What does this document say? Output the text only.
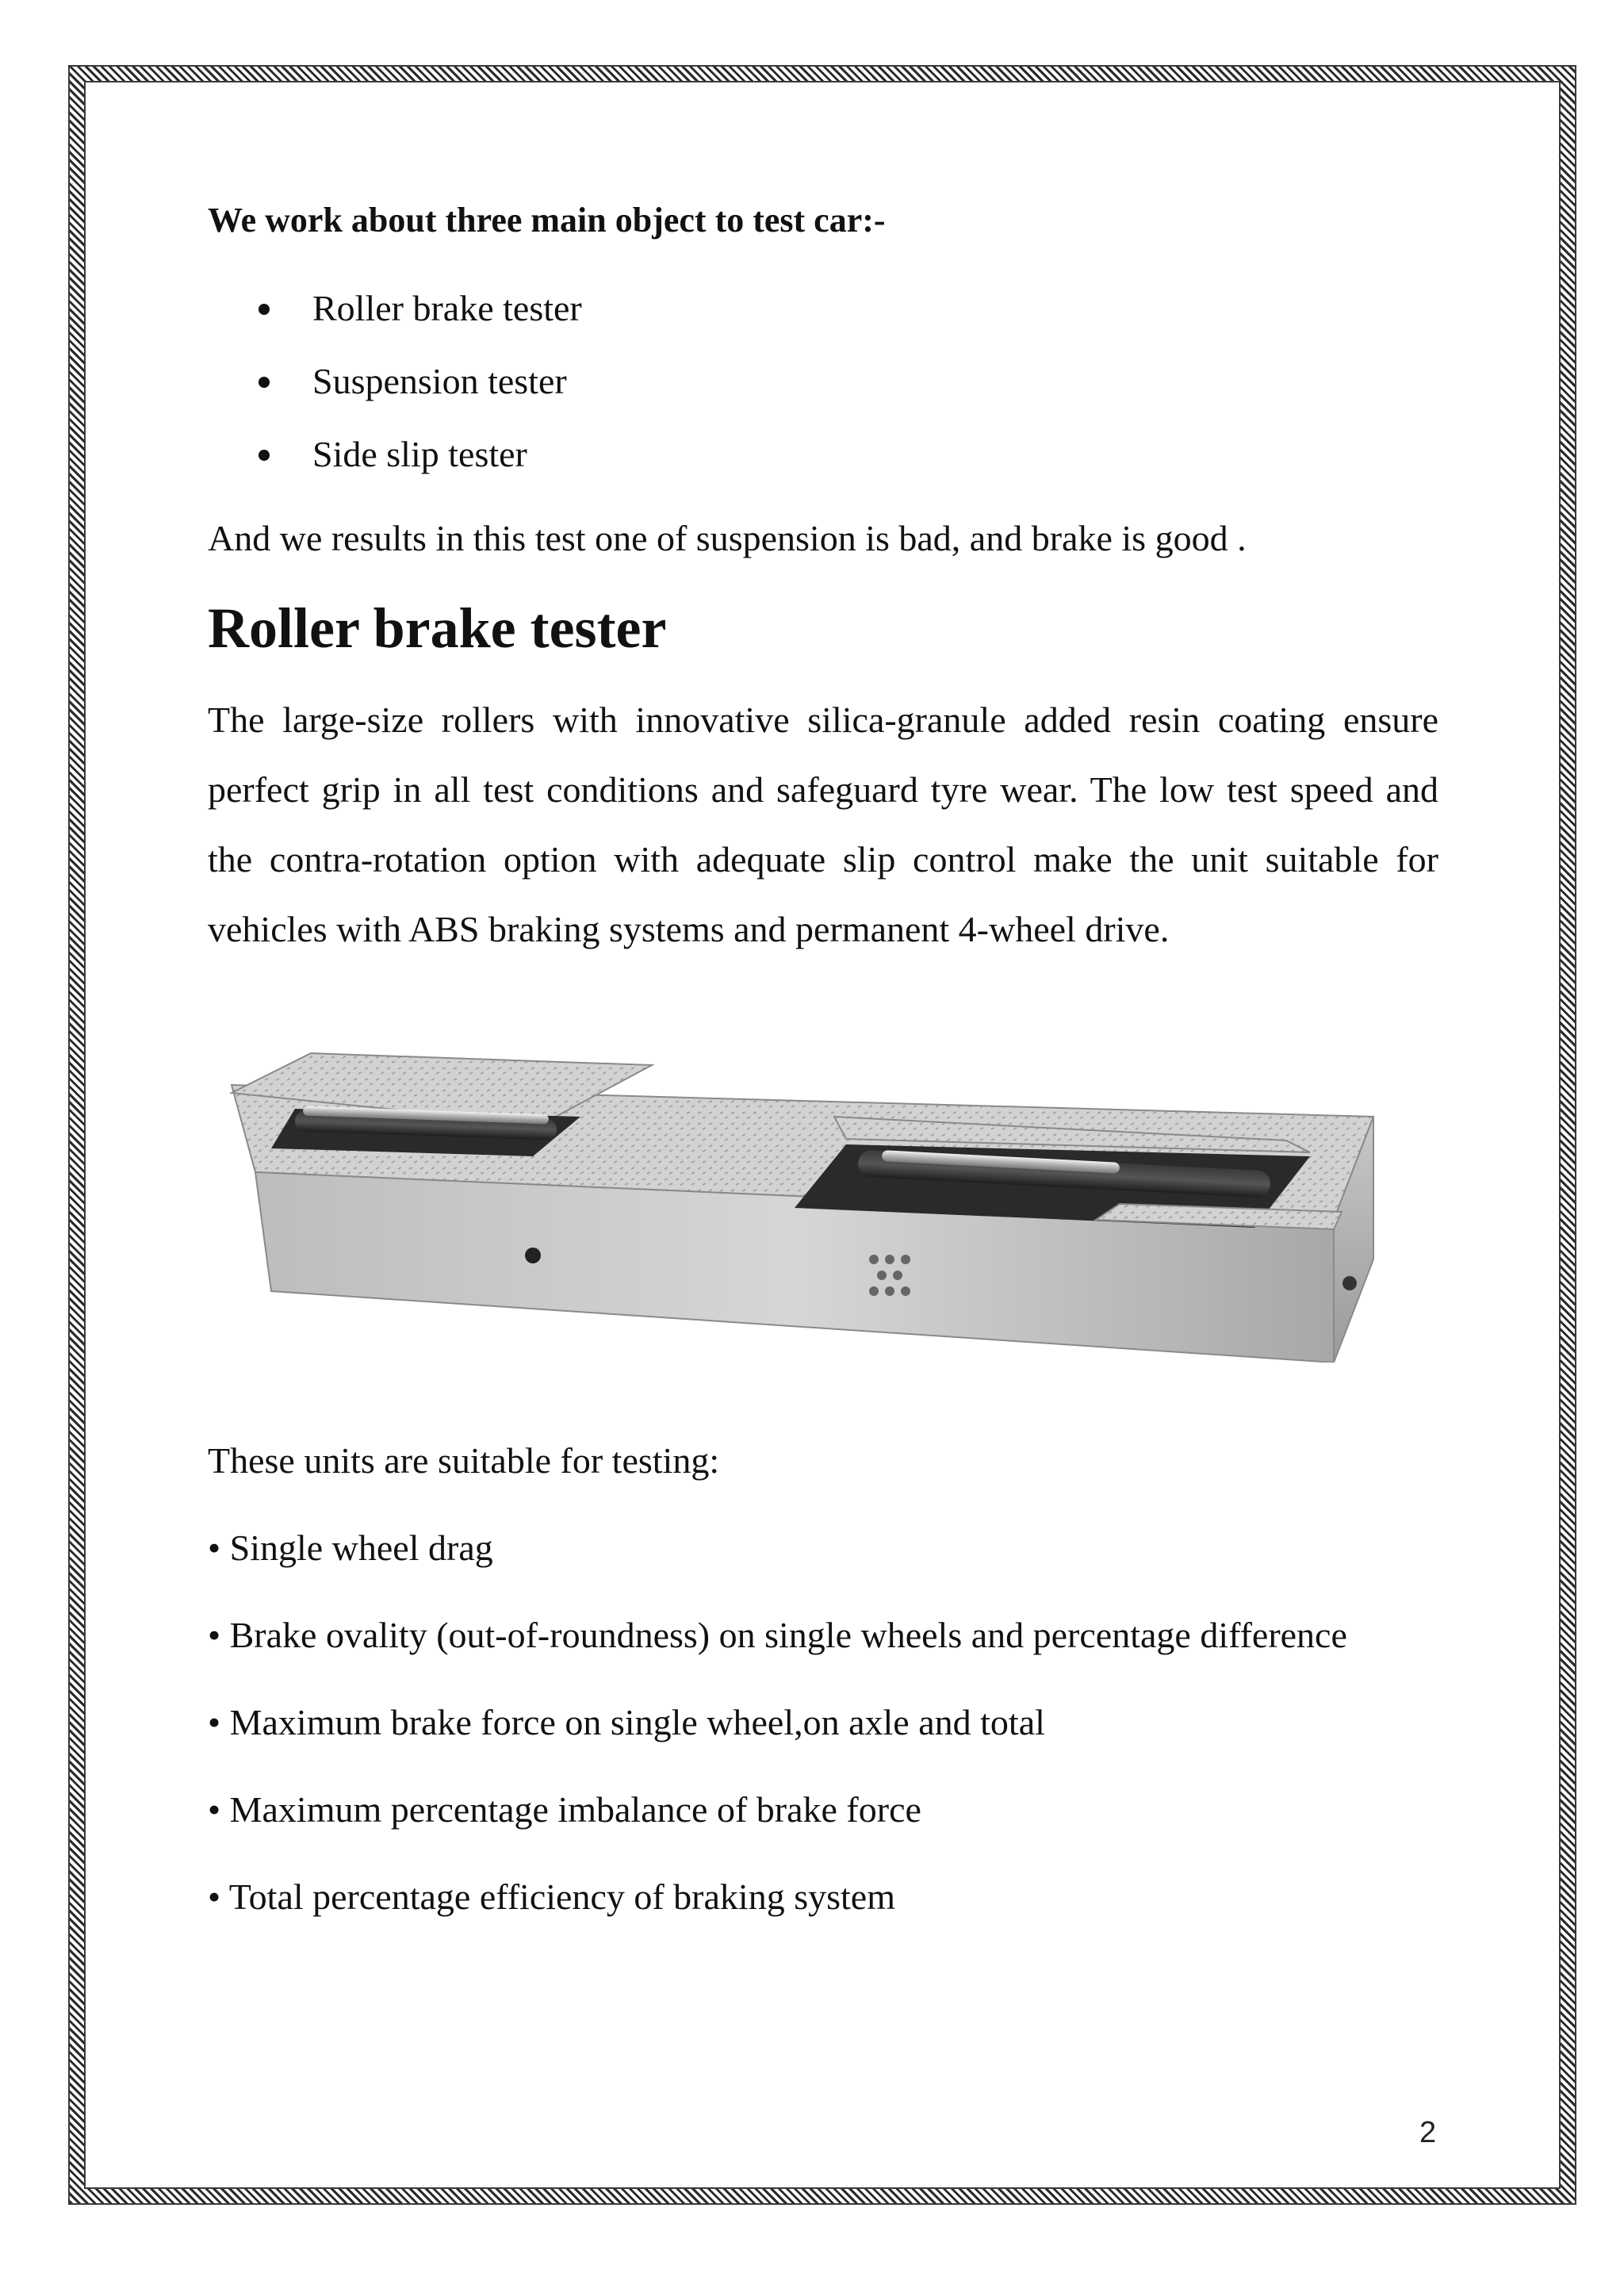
We work about three main object to test car:-

Roller brake tester
Suspension tester
Side slip tester

And we results in this test one of suspension is bad, and brake is good .

Roller brake tester

The large-size rollers with innovative silica-granule added resin coating ensure perfect grip in all test conditions and safeguard tyre wear. The low test speed and the contra-rotation option with adequate slip control make the unit suitable for vehicles with ABS braking systems and permanent 4-wheel drive.

These units are suitable for testing:

• Single wheel drag

• Brake ovality (out-of-roundness) on single wheels and percentage difference

• Maximum brake force on single wheel,on axle and total

• Maximum percentage imbalance of brake force

• Total percentage efficiency of braking system

2
